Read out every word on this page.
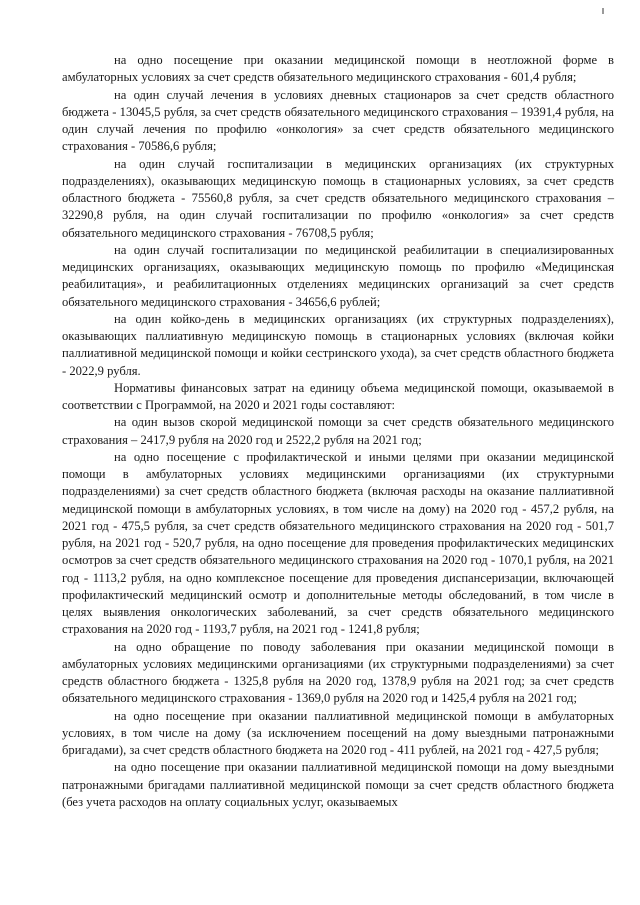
на одно посещение при оказании медицинской помощи в неотложной форме в амбулаторных условиях за счет средств обязательного медицинского страхования - 601,4 рубля;

на один случай лечения в условиях дневных стационаров за счет средств областного бюджета - 13045,5 рубля, за счет средств обязательного медицинского страхования – 19391,4 рубля, на один случай лечения по профилю «онкология» за счет средств обязательного медицинского страхования - 70586,6 рубля;

на один случай госпитализации в медицинских организациях (их структурных подразделениях), оказывающих медицинскую помощь в стационарных условиях, за счет средств областного бюджета - 75560,8 рубля, за счет средств обязательного медицинского страхования – 32290,8 рубля, на один случай госпитализации по профилю «онкология» за счет средств обязательного медицинского страхования - 76708,5 рубля;

на один случай госпитализации по медицинской реабилитации в специализированных медицинских организациях, оказывающих медицинскую помощь по профилю «Медицинская реабилитация», и реабилитационных отделениях медицинских организаций за счет средств обязательного медицинского страхования - 34656,6 рублей;

на один койко-день в медицинских организациях (их структурных подразделениях), оказывающих паллиативную медицинскую помощь в стационарных условиях (включая койки паллиативной медицинской помощи и койки сестринского ухода), за счет средств областного бюджета - 2022,9 рубля.

Нормативы финансовых затрат на единицу объема медицинской помощи, оказываемой в соответствии с Программой, на 2020 и 2021 годы составляют:

на один вызов скорой медицинской помощи за счет средств обязательного медицинского страхования – 2417,9 рубля на 2020 год и 2522,2 рубля на 2021 год;

на одно посещение с профилактической и иными целями при оказании медицинской помощи в амбулаторных условиях медицинскими организациями (их структурными подразделениями) за счет средств областного бюджета (включая расходы на оказание паллиативной медицинской помощи в амбулаторных условиях, в том числе на дому) на 2020 год - 457,2 рубля, на 2021 год - 475,5 рубля, за счет средств обязательного медицинского страхования на 2020 год - 501,7 рубля, на 2021 год - 520,7 рубля, на одно посещение для проведения профилактических медицинских осмотров за счет средств обязательного медицинского страхования на 2020 год - 1070,1 рубля, на 2021 год - 1113,2 рубля, на одно комплексное посещение для проведения диспансеризации, включающей профилактический медицинский осмотр и дополнительные методы обследований, в том числе в целях выявления онкологических заболеваний, за счет средств обязательного медицинского страхования на 2020 год - 1193,7 рубля, на 2021 год - 1241,8 рубля;

на одно обращение по поводу заболевания при оказании медицинской помощи в амбулаторных условиях медицинскими организациями (их структурными подразделениями) за счет средств областного бюджета - 1325,8 рубля на 2020 год, 1378,9 рубля на 2021 год; за счет средств обязательного медицинского страхования - 1369,0 рубля на 2020 год и 1425,4 рубля на 2021 год;

на одно посещение при оказании паллиативной медицинской помощи в амбулаторных условиях, в том числе на дому (за исключением посещений на дому выездными патронажными бригадами), за счет средств областного бюджета на 2020 год - 411 рублей, на 2021 год - 427,5 рубля;

на одно посещение при оказании паллиативной медицинской помощи на дому выездными патронажными бригадами паллиативной медицинской помощи за счет средств областного бюджета (без учета расходов на оплату социальных услуг, оказываемых
